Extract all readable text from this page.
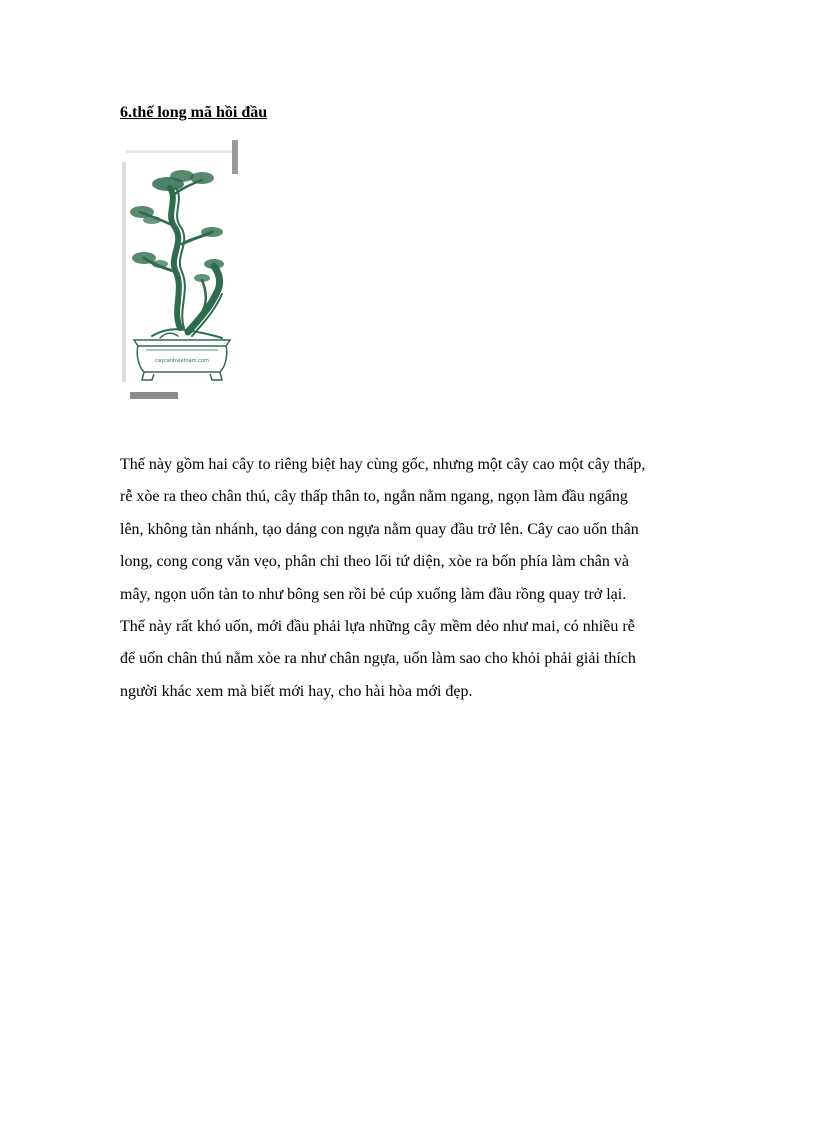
6.thế long mã hồi đầu
caycanhvietnam.com
Thế này gồm hai cây to riêng biệt hay cùng gốc, nhưng một cây cao một cây thấp,
rễ xòe ra theo chân thú, cây thấp thân to, ngắn nằm ngang, ngọn làm đầu ngẩng
lên, không tàn nhánh, tạo dáng con ngựa nằm quay đầu trở lên. Cây cao uốn thân
long, cong cong văn vẹo, phân chi theo lối tứ diện, xòe ra bốn phía làm chân và
mây, ngọn uốn tàn to như bông sen rồi bẻ cúp xuống làm đầu rồng quay trở lại.
Thế này rất khó uốn, mới đầu phải lựa những cây mềm dẻo như mai, có nhiều rễ
để uốn chân thú nằm xòe ra như chân ngựa, uốn làm sao cho khỏi phải giải thích
người khác xem mà biết mới hay, cho hài hòa mới đẹp.
